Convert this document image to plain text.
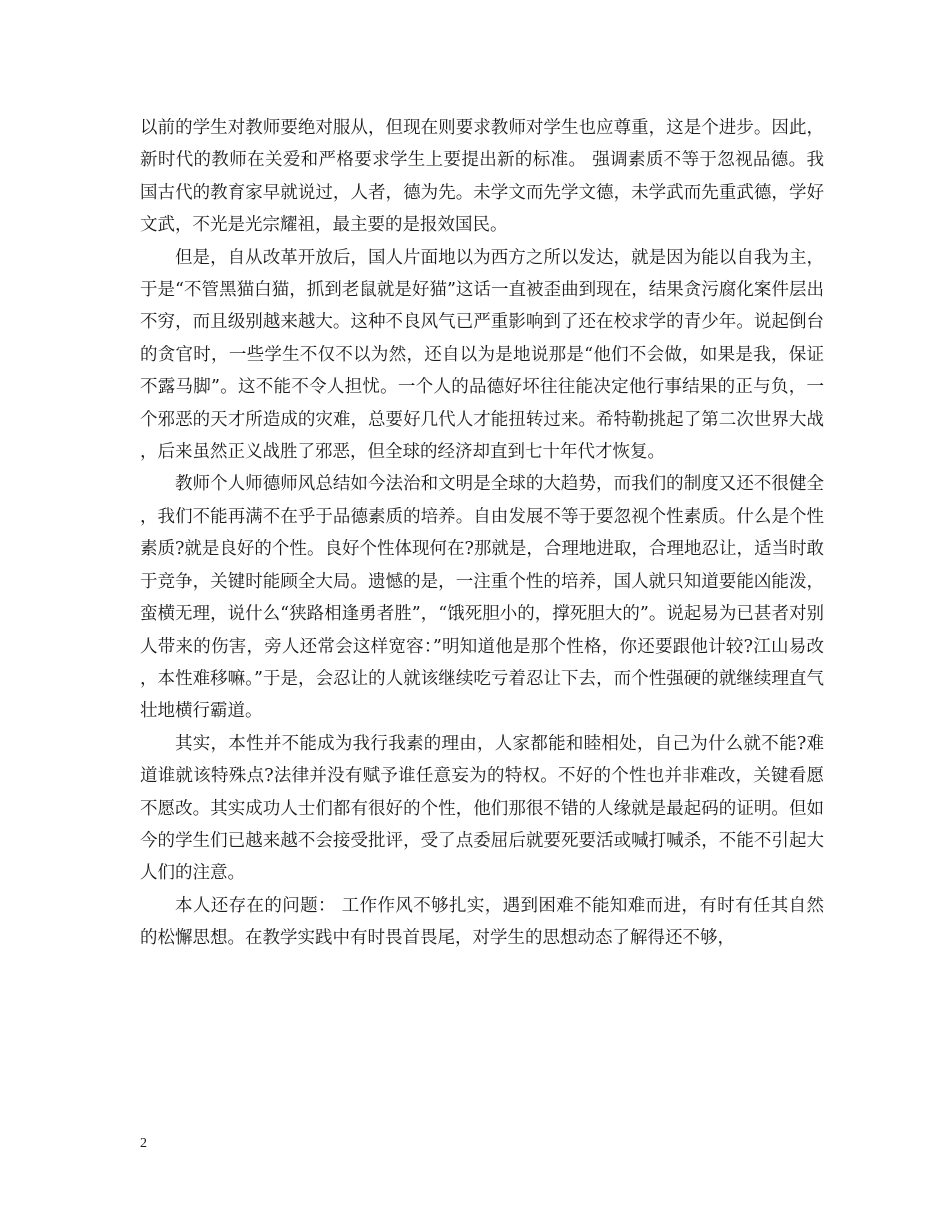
以前的学生对教师要绝对服从，但现在则要求教师对学生也应尊重，这是个进步。因此，新时代的教师在关爱和严格要求学生上要提出新的标准。 强调素质不等于忽视品德。我国古代的教育家早就说过，人者，德为先。未学文而先学文德，未学武而先重武德，学好文武，不光是光宗耀祖，最主要的是报效国民。

但是，自从改革开放后，国人片面地以为西方之所以发达，就是因为能以自我为主，于是“不管黑猫白猫，抓到老鼠就是好猫”这话一直被歪曲到现在，结果贪污腐化案件层出不穷，而且级别越来越大。这种不良风气已严重影响到了还在校求学的青少年。说起倒台的贪官时，一些学生不仅不以为然，还自以为是地说那是“他们不会做，如果是我，保证不露马脚”。这不能不令人担忧。一个人的品德好坏往往能决定他行事结果的正与负，一个邪恶的天才所造成的灾难，总要好几代人才能扭转过来。希特勒挑起了第二次世界大战，后来虽然正义战胜了邪恶，但全球的经济却直到七十年代才恢复。

教师个人师德师风总结如今法治和文明是全球的大趋势，而我们的制度又还不很健全，我们不能再满不在乎于品德素质的培养。自由发展不等于要忽视个性素质。什么是个性素质?就是良好的个性。良好个性体现何在?那就是，合理地进取，合理地忍让，适当时敢于竞争，关键时能顾全大局。遗憾的是，一注重个性的培养，国人就只知道要能凶能泼，蛮横无理，说什么“狭路相逢勇者胜”，“饿死胆小的，撑死胆大的”。说起易为已甚者对别人带来的伤害，旁人还常会这样宽容：”明知道他是那个性格，你还要跟他计较?江山易改，本性难移嘛。”于是，会忍让的人就该继续吃亏着忍让下去，而个性强硬的就继续理直气壮地横行霸道。

其实，本性并不能成为我行我素的理由，人家都能和睦相处，自己为什么就不能?难道谁就该特殊点?法律并没有赋予谁任意妄为的特权。不好的个性也并非难改，关键看愿不愿改。其实成功人士们都有很好的个性，他们那很不错的人缘就是最起码的证明。但如今的学生们已越来越不会接受批评，受了点委屈后就要死要活或喊打喊杀，不能不引起大人们的注意。

本人还存在的问题： 工作作风不够扎实，遇到困难不能知难而进，有时有任其自然的松懈思想。在教学实践中有时畏首畏尾，对学生的思想动态了解得还不够，

2
